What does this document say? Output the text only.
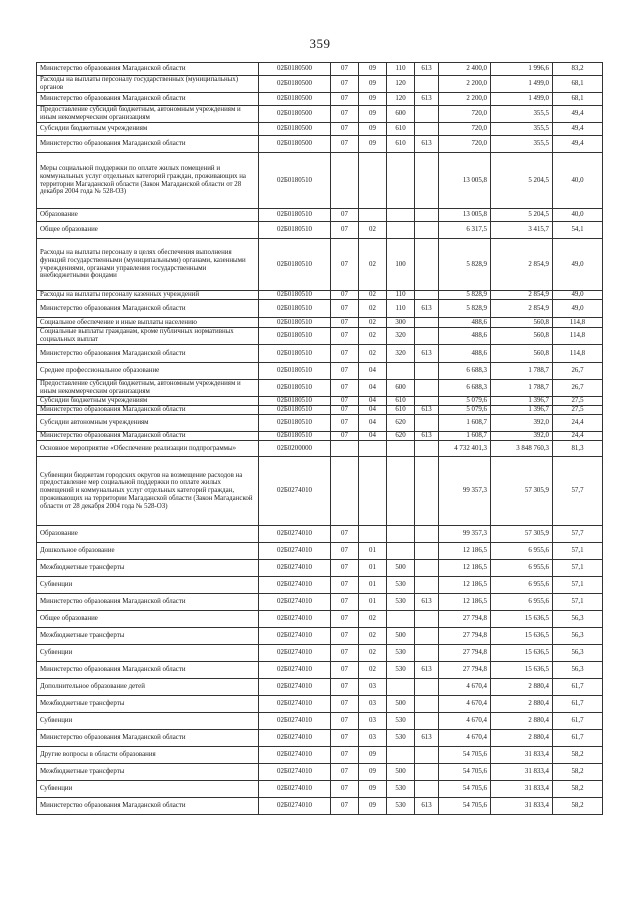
359
Министерство образования Магаданской области	02Б0180500	07	09	110	613	2 400,0	1 996,6	83,2
Расходы на выплаты персоналу государственных (муниципальных) органов	02Б0180500	07	09	120		2 200,0	1 499,0	68,1
Министерство образования Магаданской области	02Б0180500	07	09	120	613	2 200,0	1 499,0	68,1
Предоставление субсидий бюджетным, автономным учреждениям и иным некоммерческим организациям	02Б0180500	07	09	600		720,0	355,5	49,4
Субсидии бюджетным учреждениям	02Б0180500	07	09	610		720,0	355,5	49,4
Министерство образования Магаданской области	02Б0180500	07	09	610	613	720,0	355,5	49,4
Меры социальной поддержки по оплате жилых помещений и коммунальных услуг отдельных категорий граждан, проживающих на территории Магаданской области (Закон Магаданской области от 28 декабря 2004 года № 528-ОЗ)	02Б0180510					13 005,8	5 204,5	40,0
Образование	02Б0180510	07				13 005,8	5 204,5	40,0
Общее образование	02Б0180510	07	02			6 317,5	3 415,7	54,1
Расходы на выплаты персоналу в целях обеспечения выполнения функций государственными (муниципальными) органами, казенными учреждениями, органами управления государственными внебюджетными фондами	02Б0180510	07	02	100		5 828,9	2 854,9	49,0
Расходы на выплаты персоналу казенных учреждений	02Б0180510	07	02	110		5 828,9	2 854,9	49,0
Министерство образования Магаданской области	02Б0180510	07	02	110	613	5 828,9	2 854,9	49,0
Социальное обеспечение и иные выплаты населению	02Б0180510	07	02	300		488,6	560,8	114,8
Социальные выплаты гражданам, кроме публичных нормативных социальных выплат	02Б0180510	07	02	320		488,6	560,8	114,8
Министерство образования Магаданской области	02Б0180510	07	02	320	613	488,6	560,8	114,8
Среднее профессиональное образование	02Б0180510	07	04			6 688,3	1 788,7	26,7
Предоставление субсидий бюджетным, автономным учреждениям и иным некоммерческим организациям	02Б0180510	07	04	600		6 688,3	1 788,7	26,7
Субсидии бюджетным учреждениям	02Б0180510	07	04	610		5 079,6	1 396,7	27,5
Министерство образования Магаданской области	02Б0180510	07	04	610	613	5 079,6	1 396,7	27,5
Субсидии автономным учреждениям	02Б0180510	07	04	620		1 608,7	392,0	24,4
Министерство образования Магаданской области	02Б0180510	07	04	620	613	1 608,7	392,0	24,4
Основное мероприятие «Обеспечение реализации подпрограммы»	02Б0200000					4 732 401,3	3 848 760,3	81,3
Субвенции бюджетам городских округов на возмещение расходов на предоставление мер социальной поддержки по оплате жилых помещений и коммунальных услуг отдельных категорий граждан, проживающих на территории Магаданской области (Закон Магаданской области от 28 декабря 2004 года № 528-ОЗ)	02Б0274010					99 357,3	57 305,9	57,7
Образование	02Б0274010	07				99 357,3	57 305,9	57,7
Дошкольное образование	02Б0274010	07	01			12 186,5	6 955,6	57,1
Межбюджетные трансферты	02Б0274010	07	01	500		12 186,5	6 955,6	57,1
Субвенции	02Б0274010	07	01	530		12 186,5	6 955,6	57,1
Министерство образования Магаданской области	02Б0274010	07	01	530	613	12 186,5	6 955,6	57,1
Общее образование	02Б0274010	07	02			27 794,8	15 636,5	56,3
Межбюджетные трансферты	02Б0274010	07	02	500		27 794,8	15 636,5	56,3
Субвенции	02Б0274010	07	02	530		27 794,8	15 636,5	56,3
Министерство образования Магаданской области	02Б0274010	07	02	530	613	27 794,8	15 636,5	56,3
Дополнительное образование детей	02Б0274010	07	03			4 670,4	2 880,4	61,7
Межбюджетные трансферты	02Б0274010	07	03	500		4 670,4	2 880,4	61,7
Субвенции	02Б0274010	07	03	530		4 670,4	2 880,4	61,7
Министерство образования Магаданской области	02Б0274010	07	03	530	613	4 670,4	2 880,4	61,7
Другие вопросы в области образования	02Б0274010	07	09			54 705,6	31 833,4	58,2
Межбюджетные трансферты	02Б0274010	07	09	500		54 705,6	31 833,4	58,2
Субвенции	02Б0274010	07	09	530		54 705,6	31 833,4	58,2
Министерство образования Магаданской области	02Б0274010	07	09	530	613	54 705,6	31 833,4	58,2
